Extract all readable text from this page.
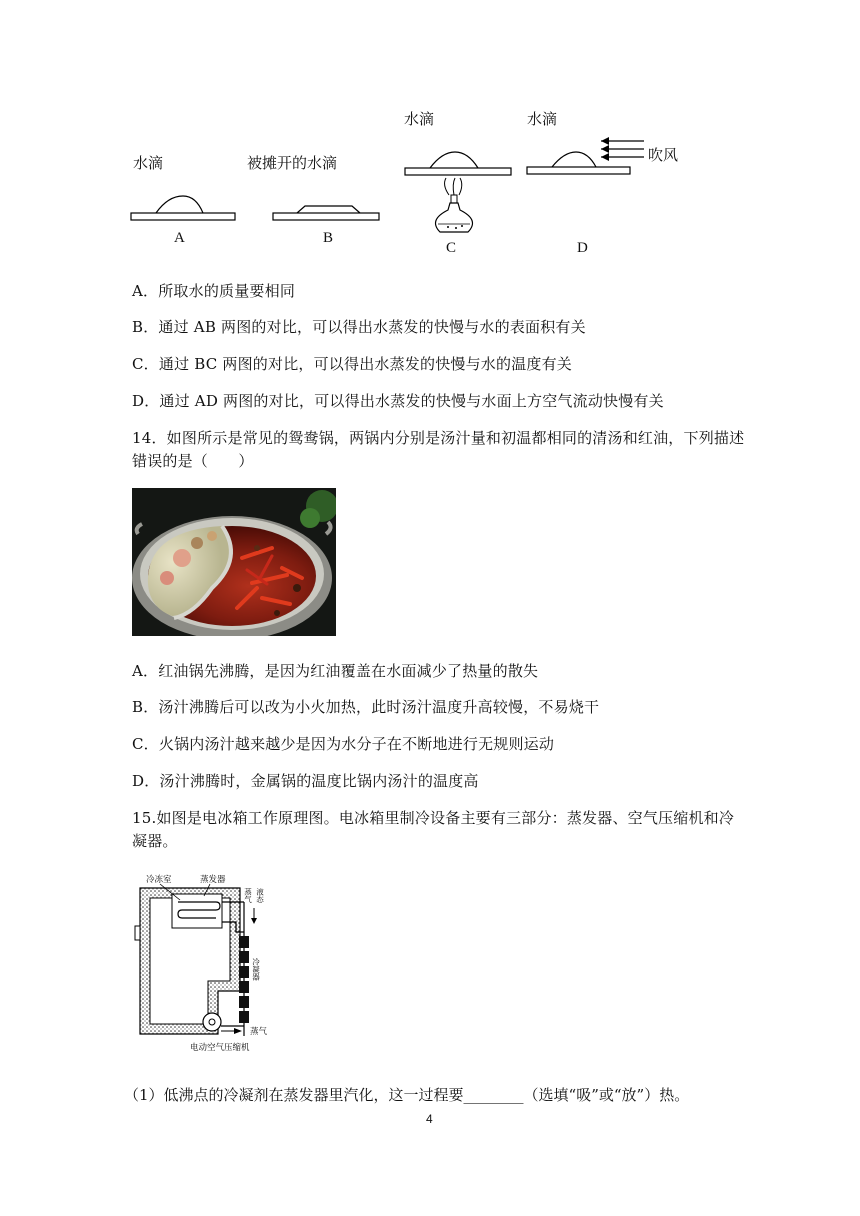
水滴
A
被摊开的水滴
B
水滴
C
水滴
吹风
D
A．所取水的质量要相同
B．通过 AB 两图的对比，可以得出水蒸发的快慢与水的表面积有关
C．通过 BC 两图的对比，可以得出水蒸发的快慢与水的温度有关
D．通过 AD 两图的对比，可以得出水蒸发的快慢与水面上方空气流动快慢有关
14．如图所示是常见的鸳鸯锅，两锅内分别是汤汁量和初温都相同的清汤和红油，下列描述
错误的是（　　）
A．红油锅先沸腾，是因为红油覆盖在水面减少了热量的散失
B．汤汁沸腾后可以改为小火加热，此时汤汁温度升高较慢，不易烧干
C．火锅内汤汁越来越少是因为水分子在不断地进行无规则运动
D．汤汁沸腾时，金属锅的温度比锅内汤汁的温度高
15.如图是电冰箱工作原理图。电冰箱里制冷设备主要有三部分：蒸发器、空气压缩机和冷
凝器。
冷冻室	蒸发器
蒸气 液态
冷凝器
蒸气
电动空气压缩机
（1）低沸点的冷凝剂在蒸发器里汽化，这一过程要________（选填“吸”或“放”）热。
4
